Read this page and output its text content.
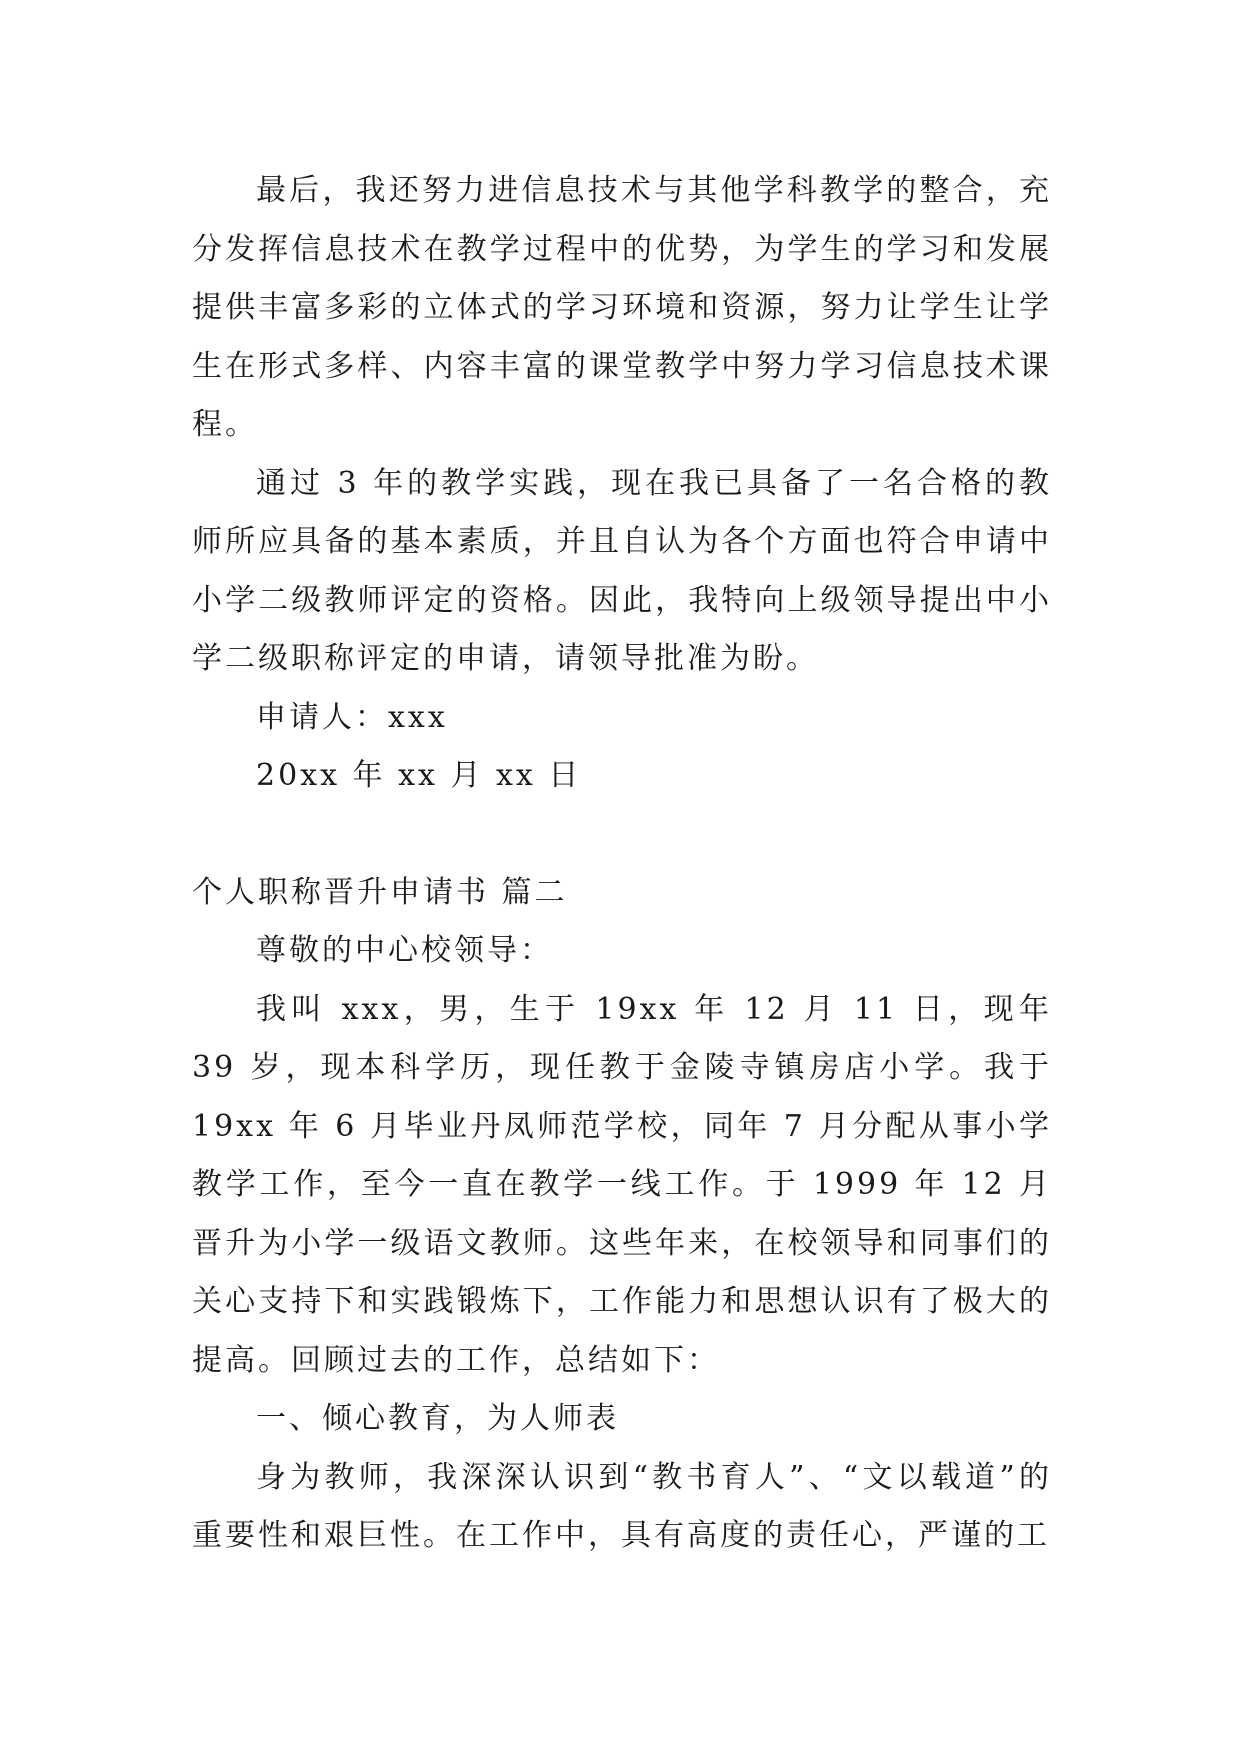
最后，我还努力进信息技术与其他学科教学的整合，充分发挥信息技术在教学过程中的优势，为学生的学习和发展提供丰富多彩的立体式的学习环境和资源，努力让学生让学生在形式多样、内容丰富的课堂教学中努力学习信息技术课程。

通过 3 年的教学实践，现在我已具备了一名合格的教师所应具备的基本素质，并且自认为各个方面也符合申请中小学二级教师评定的资格。因此，我特向上级领导提出中小学二级职称评定的申请，请领导批准为盼。

申请人：xxx

20xx 年 xx 月 xx 日

个人职称晋升申请书 篇二

尊敬的中心校领导：

我叫 xxx，男，生于 19xx 年 12 月 11 日，现年 39 岁，现本科学历，现任教于金陵寺镇房店小学。我于 19xx 年 6 月毕业丹凤师范学校，同年 7 月分配从事小学教学工作，至今一直在教学一线工作。于 1999 年 12 月晋升为小学一级语文教师。这些年来，在校领导和同事们的关心支持下和实践锻炼下，工作能力和思想认识有了极大的提高。回顾过去的工作，总结如下：

一、倾心教育，为人师表

身为教师，我深深认识到“教书育人”、“文以载道”的重要性和艰巨性。在工作中，具有高度的责任心，严谨的工
